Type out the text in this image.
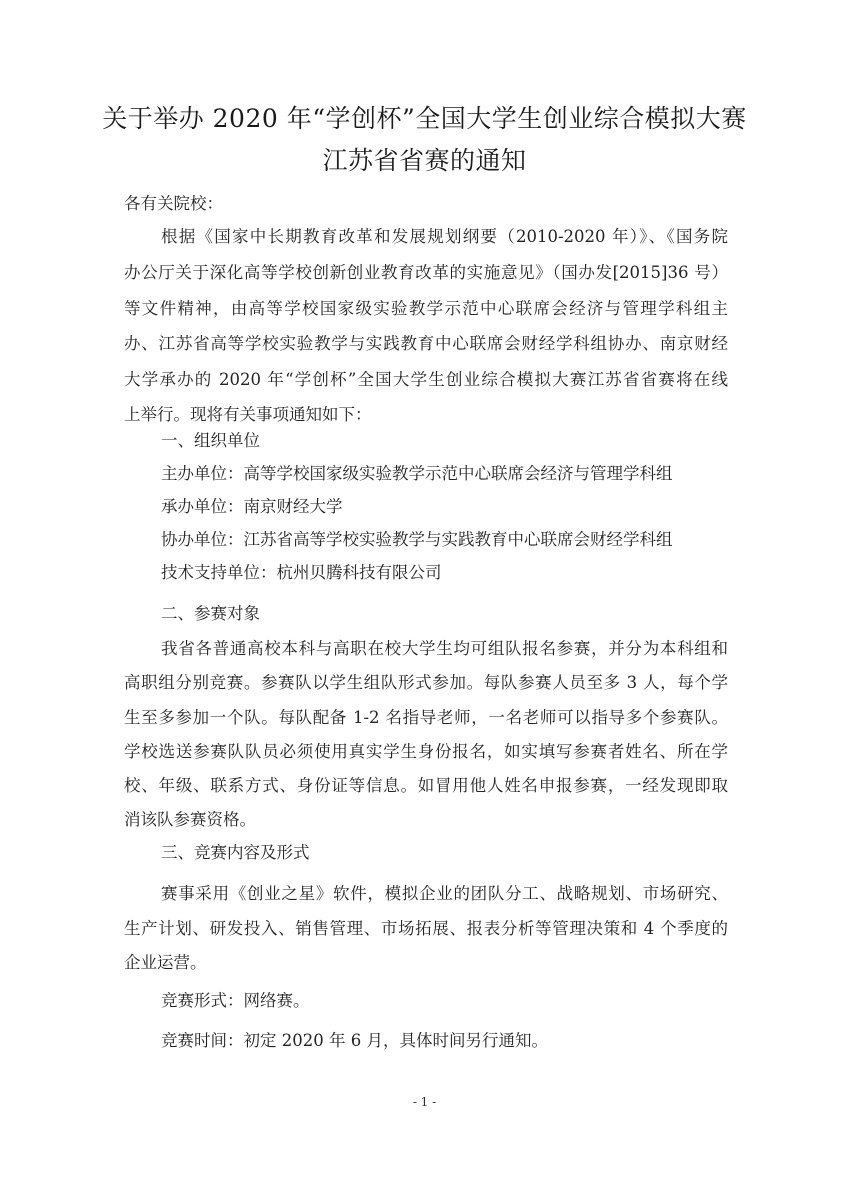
关于举办 2020 年“学创杯”全国大学生创业综合模拟大赛
江苏省省赛的通知
各有关院校：
根据《国家中长期教育改革和发展规划纲要（2010-2020 年）》、《国务院
办公厅关于深化高等学校创新创业教育改革的实施意见》（国办发[2015]36 号）
等文件精神，由高等学校国家级实验教学示范中心联席会经济与管理学科组主
办、江苏省高等学校实验教学与实践教育中心联席会财经学科组协办、南京财经
大学承办的 2020 年“学创杯”全国大学生创业综合模拟大赛江苏省省赛将在线
上举行。现将有关事项通知如下：
一、组织单位
主办单位：高等学校国家级实验教学示范中心联席会经济与管理学科组
承办单位：南京财经大学
协办单位：江苏省高等学校实验教学与实践教育中心联席会财经学科组
技术支持单位：杭州贝腾科技有限公司
二、参赛对象
我省各普通高校本科与高职在校大学生均可组队报名参赛，并分为本科组和
高职组分别竞赛。参赛队以学生组队形式参加。每队参赛人员至多 3 人，每个学
生至多参加一个队。每队配备 1-2 名指导老师，一名老师可以指导多个参赛队。
学校选送参赛队队员必须使用真实学生身份报名，如实填写参赛者姓名、所在学
校、年级、联系方式、身份证等信息。如冒用他人姓名申报参赛，一经发现即取
消该队参赛资格。
三、竞赛内容及形式
赛事采用《创业之星》软件，模拟企业的团队分工、战略规划、市场研究、
生产计划、研发投入、销售管理、市场拓展、报表分析等管理决策和 4 个季度的
企业运营。
竞赛形式：网络赛。
竞赛时间：初定 2020 年 6 月，具体时间另行通知。
- 1 -
